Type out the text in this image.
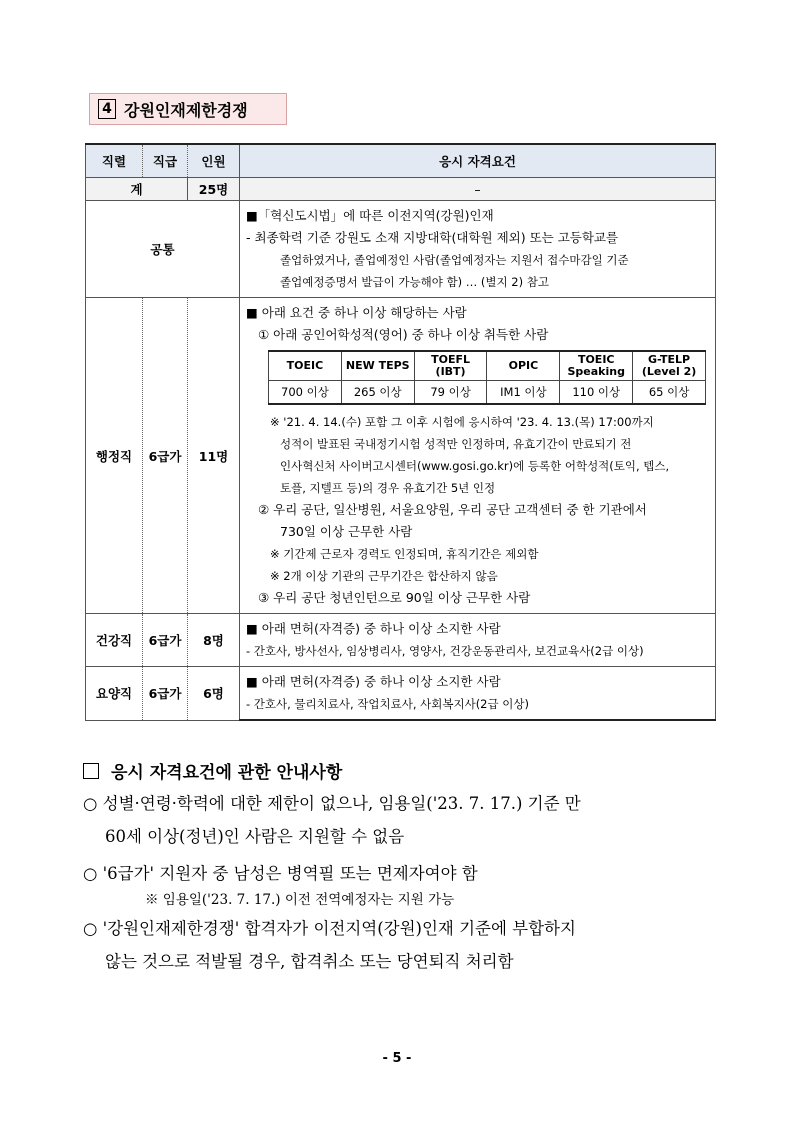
4 강원인재제한경쟁
직렬	직급	인원	응시 자격요건
계	25명	–
공통	
■「혁신도시법」에 따른 이전지역(강원)인재
- 최종학력 기준 강원도 소재 지방대학(대학원 제외) 또는 고등학교를
졸업하였거나, 졸업예정인 사람(졸업예정자는 지원서 접수마감일 기준
졸업예정증명서 발급이 가능해야 함) … (별지 2) 참고

행정직	6급가	11명	
■ 아래 요건 중 하나 이상 해당하는 사람
① 아래 공인어학성적(영어) 중 하나 이상 취득한 사람
TOEIC	NEW TEPS	TOEFL (IBT)	OPIC	TOEIC Speaking	G-TELP (Level 2)
700 이상	265 이상	79 이상	IM1 이상	110 이상	65 이상
※ '21. 4. 14.(수) 포함 그 이후 시험에 응시하여 '23. 4. 13.(목) 17:00까지
성적이 발표된 국내정기시험 성적만 인정하며, 유효기간이 만료되기 전
인사혁신처 사이버고시센터(www.gosi.go.kr)에 등록한 어학성적(토익, 텝스,
토플, 지텔프 등)의 경우 유효기간 5년 인정
② 우리 공단, 일산병원, 서울요양원, 우리 공단 고객센터 중 한 기관에서
730일 이상 근무한 사람
※ 기간제 근로자 경력도 인정되며, 휴직기간은 제외함
※ 2개 이상 기관의 근무기간은 합산하지 않음
③ 우리 공단 청년인턴으로 90일 이상 근무한 사람

건강직	6급가	8명	
■ 아래 면허(자격증) 중 하나 이상 소지한 사람
- 간호사, 방사선사, 임상병리사, 영양사, 건강운동관리사, 보건교육사(2급 이상)

요양직	6급가	6명	
■ 아래 면허(자격증) 중 하나 이상 소지한 사람
- 간호사, 물리치료사, 작업치료사, 사회복지사(2급 이상)
응시 자격요건에 관한 안내사항
○ 성별·연령·학력에 대한 제한이 없으나, 임용일('23. 7. 17.) 기준 만
60세 이상(정년)인 사람은 지원할 수 없음
○ '6급가' 지원자 중 남성은 병역필 또는 면제자여야 함
※ 임용일('23. 7. 17.) 이전 전역예정자는 지원 가능
○ '강원인재제한경쟁' 합격자가 이전지역(강원)인재 기준에 부합하지
않는 것으로 적발될 경우, 합격취소 또는 당연퇴직 처리함
- 5 -
